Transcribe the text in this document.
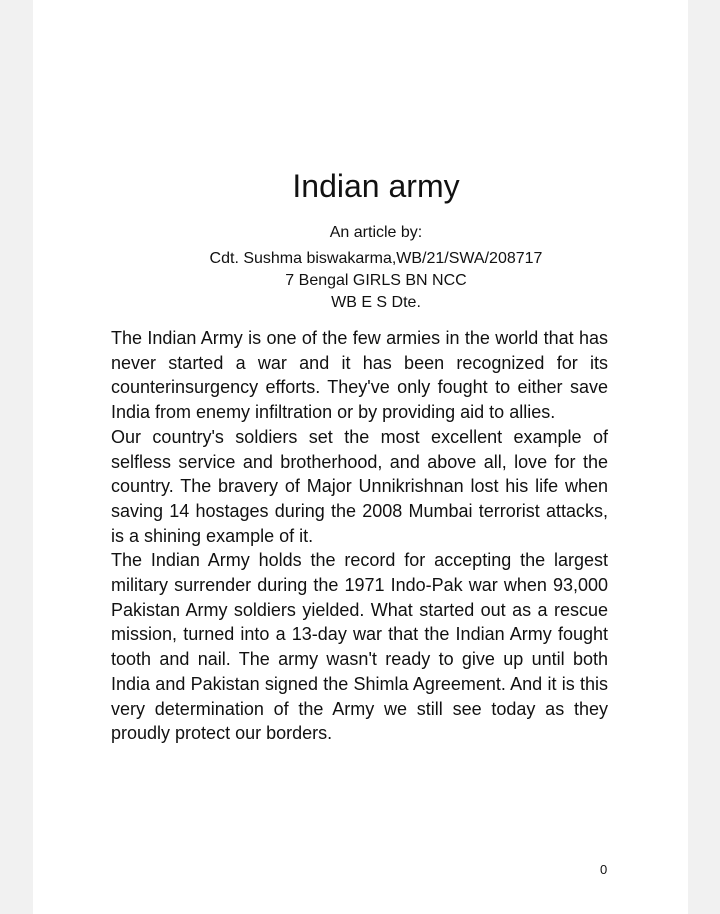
Indian army
An article by:
Cdt. Sushma biswakarma,WB/21/SWA/208717
7 Bengal GIRLS BN NCC
WB E S Dte.

The Indian Army is one of the few armies in the world that has never started a war and it has been recognized for its counterinsurgency efforts. They've only fought to either save India from enemy infiltration or by providing aid to allies.

Our country's soldiers set the most excellent example of selfless service and brotherhood, and above all, love for the country. The bravery of Major Unnikrishnan lost his life when saving 14 hostages during the 2008 Mumbai terrorist attacks, is a shining example of it.

The Indian Army holds the record for accepting the largest military surrender during the 1971 Indo-Pak war when 93,000 Pakistan Army soldiers yielded. What started out as a rescue mission, turned into a 13-day war that the Indian Army fought tooth and nail. The army wasn't ready to give up until both India and Pakistan signed the Shimla Agreement. And it is this very determination of the Army we still see today as they proudly protect our borders.

0
